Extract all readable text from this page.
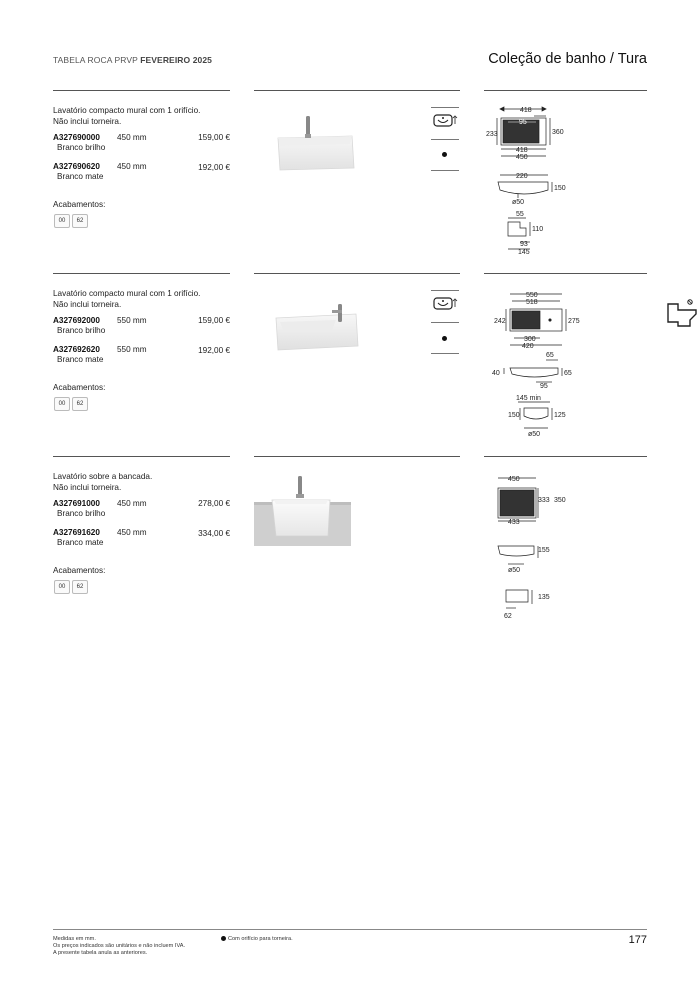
TABELA ROCA PRVP FEVEREIRO 2025	Coleção de banho / Tura
Lavatório compacto mural com 1 orifício.
Não inclui torneira.
A327690000 450 mm	159,00 €
Branco brilho
A327690620 450 mm	192,00 €
Branco mate
Acabamentos:
00	62
418
95
233	360
418
450
220
150
ø50
55
110
93
145
Lavatório compacto mural com 1 orifício.
Não inclui torneira.
A327692000 550 mm	159,00 €
Branco brilho
A327692620 550 mm	192,00 €
Branco mate
Acabamentos:
00	62
550
518
242	275
300
420
65
40	65
95
145 min
150	125
ø50
Lavatório sobre a bancada.
Não inclui torneira.
A327691000 450 mm	278,00 €
Branco brilho
A327691620 450 mm	334,00 €
Branco mate
Acabamentos:
00	62
450
333 350
433
155
ø50
135
62
Medidas em mm.
Os preços indicados são unitários e não incluem IVA.
A presente tabela anula as anteriores.
Com orifício para torneira.	177
